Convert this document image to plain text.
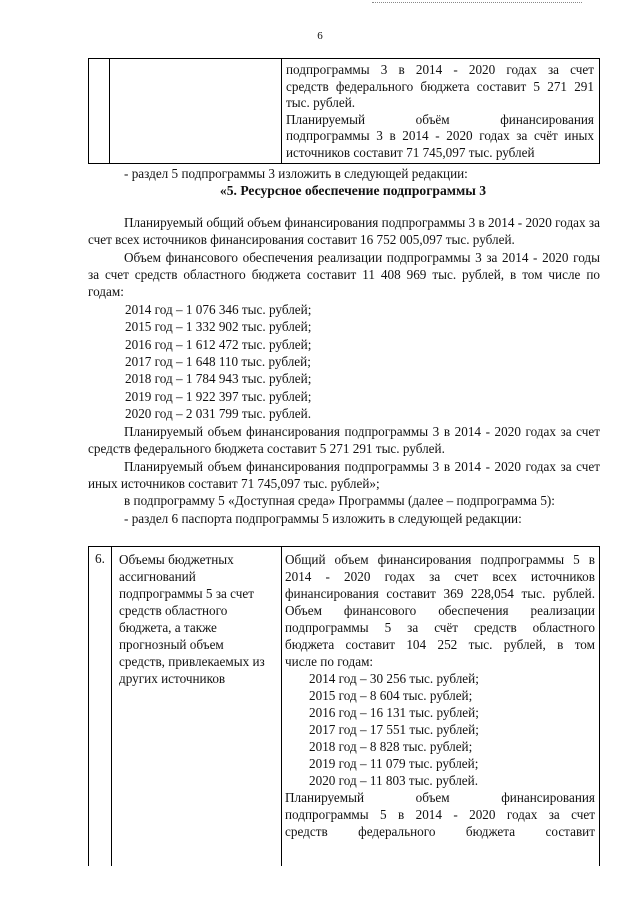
6
подпрограммы 3 в 2014 - 2020 годах за счет
средств федерального бюджета составит 5 271 291
тыс. рублей.
Планируемый объём финансирования
подпрограммы 3 в 2014 - 2020 годах за счёт иных
источников составит 71 745,097 тыс. рублей

- раздел 5 подпрограммы 3 изложить в следующей редакции:

«5. Ресурсное обеспечение подпрограммы 3

Планируемый общий объем финансирования подпрограммы 3 в 2014 - 2020 годах за счет всех источников финансирования составит 16 752 005,097 тыс. рублей.

Объем финансового обеспечения реализации подпрограммы 3 за 2014 - 2020 годы за счет средств областного бюджета составит 11 408 969 тыс. рублей, в том числе по годам:

2014 год – 1 076 346 тыс. рублей;
2015 год – 1 332 902 тыс. рублей;
2016 год – 1 612 472 тыс. рублей;
2017 год – 1 648 110 тыс. рублей;
2018 год – 1 784 943 тыс. рублей;
2019 год – 1 922 397 тыс. рублей;
2020 год – 2 031 799 тыс. рублей.

Планируемый объем финансирования подпрограммы 3 в 2014 - 2020 годах за счет средств федерального бюджета составит 5 271 291 тыс. рублей.

Планируемый объем финансирования подпрограммы 3 в 2014 - 2020 годах за счет иных источников составит 71 745,097 тыс. рублей»;

в подпрограмму 5 «Доступная среда» Программы (далее – подпрограмма 5):

- раздел 6 паспорта подпрограммы 5 изложить в следующей редакции:

6. Объемы бюджетных
ассигнований
подпрограммы 5 за счет
средств областного
бюджета, а также
прогнозный объем
средств, привлекаемых из
других источников
Общий объем финансирования подпрограммы 5 в
2014 - 2020 годах за счет всех источников
финансирования составит 369 228,054 тыс. рублей.
Объем финансового обеспечения реализации
подпрограммы 5 за счёт средств областного
бюджета составит 104 252 тыс. рублей, в том
числе по годам:
2014 год – 30 256 тыс. рублей;
2015 год – 8 604 тыс. рублей;
2016 год – 16 131 тыс. рублей;
2017 год – 17 551 тыс. рублей;
2018 год – 8 828 тыс. рублей;
2019 год – 11 079 тыс. рублей;
2020 год – 11 803 тыс. рублей.
Планируемый объем финансирования
подпрограммы 5 в 2014 - 2020 годах за счет
средств федерального бюджета составит
